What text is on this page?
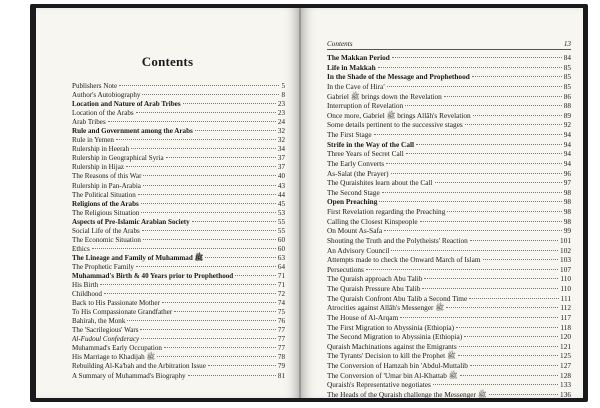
Contents
Publishers Note	5
Author's Autobiography	8
Location and Nature of Arab Tribes	23
Location of the Arabs	23
Arab Tribes	24
Rule and Government among the Arabs	32
Rule in Yemen	32
Rulership in Heerah	34
Rulership in Geographical Syria	37
Rulership in Hijaz	37
The Reasons of this War	40
Rulership in Pan-Arabia	43
The Political Situation	44
Religions of the Arabs	45
The Religious Situation	53
Aspects of Pre-Islamic Arabian Society	55
Social Life of the Arabs	55
The Economic Situation	60
Ethics	60
The Lineage and Family of Muhammad ﷺ	63
The Prophetic Family	64
Muhammad's Birth & 40 Years prior to Prophethood	71
His Birth	71
Childhood	72
Back to His Passionate Mother	74
To His Compassionate Grandfather	75
Bahirah, the Monk	76
The 'Sacrilegious' Wars	77
Al-Fudoul Confederacy	77
Muhammad's Early Occupation	77
His Marriage to Khadijah ﷺ	78
Rebuilding Al-Ka'bah and the Arbitration Issue	79
A Summary of Muhammad's Biography	81
Contents	13
The Makkan Period	84
Life in Makkah	85
In the Shade of the Message and Prophethood	85
In the Cave of Hira'	85
Gabriel ﷺ brings down the Revelation	86
Interruption of Revelation	88
Once more, Gabriel ﷺ brings Allâh's Revelation	89
Some details pertinent to the successive stages	92
The First Stage	94
Strife in the Way of the Call	94
Three Years of Secret Call	94
The Early Converts	94
As-Salat (the Prayer)	96
The Quraishites learn about the Call	97
The Second Stage	98
Open Preaching	98
First Revelation regarding the Preaching	98
Calling the Closest Kinspeople	98
On Mount As-Safa	99
Shouting the Truth and the Polytheists' Reaction	101
An Advisory Council	102
Attempts made to check the Onward March of Islam	103
Persecutions	107
The Quraish approach Abu Talib	110
The Quraish Pressure Abu Talib	110
The Quraish Confront Abu Talib a Second Time	111
Atrocities against Allâh's Messenger ﷺ	112
The House of Al-Arqam	117
The First Migration to Abyssinia (Ethiopia)	118
The Second Migration to Abyssinia (Ethiopia)	120
Quraish Machinations against the Emigrants	121
The Tyrants' Decision to kill the Prophet ﷺ	125
The Conversion of Hamzah bin 'Abdul-Muttalib	127
The Conversion of 'Umar bin Al-Khattab ﷺ	128
Quraish's Representative negotiates	133
The Heads of the Quraish challenge the Messenger ﷺ	136
